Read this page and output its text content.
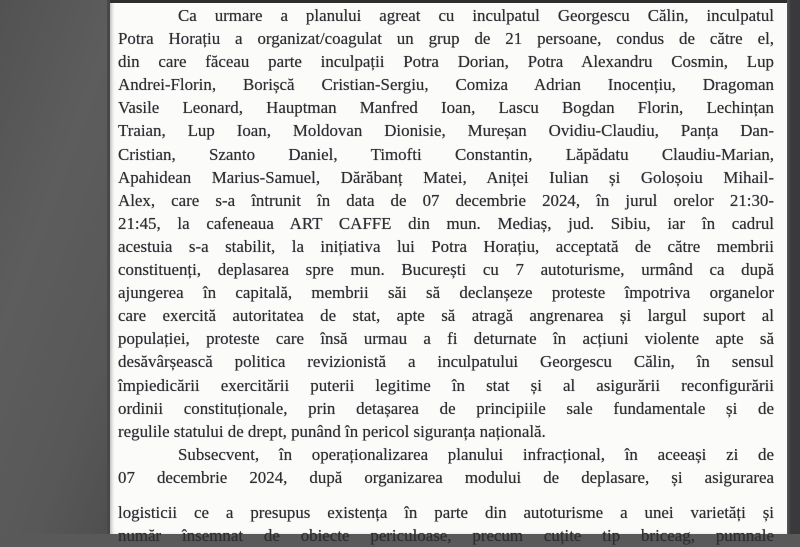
Ca urmare a planului agreat cu inculpatul Georgescu Călin, inculpatul
Potra Horațiu a organizat/coagulat un grup de 21 persoane, condus de către el,
din care făceau parte inculpații Potra Dorian, Potra Alexandru Cosmin, Lup
Andrei-Florin, Borișcă Cristian-Sergiu, Comiza Adrian Inocențiu, Dragoman
Vasile Leonard, Hauptman Manfred Ioan, Lascu Bogdan Florin, Lechințan
Traian, Lup Ioan, Moldovan Dionisie, Mureșan Ovidiu-Claudiu, Panța Dan-
Cristian, Szanto Daniel, Timofti Constantin, Lăpădatu Claudiu-Marian,
Apahidean Marius-Samuel, Dărăbanț Matei, Aniței Iulian și Goloșoiu Mihail-
Alex, care s-a întrunit în data de 07 decembrie 2024, în jurul orelor 21:30-
21:45, la cafeneaua ART CAFFE din mun. Mediaș, jud. Sibiu, iar în cadrul
acestuia s-a stabilit, la inițiativa lui Potra Horațiu, acceptată de către membrii
constituenți, deplasarea spre mun. București cu 7 autoturisme, urmând ca după
ajungerea în capitală, membrii săi să declanșeze proteste împotriva organelor
care exercită autoritatea de stat, apte să atragă angrenarea și largul suport al
populației, proteste care însă urmau a fi deturnate în acțiuni violente apte să
desăvârșească politica revizionistă a inculpatului Georgescu Călin, în sensul
împiedicării exercitării puterii legitime în stat și al asigurării reconfigurării
ordinii constituționale, prin detașarea de principiile sale fundamentale și de
regulile statului de drept, punând în pericol siguranța națională.
Subsecvent, în operaționalizarea planului infracțional, în aceeași zi de
07 decembrie 2024, după organizarea modului de deplasare, și asigurarea
logisticii ce a presupus existența în parte din autoturisme a unei varietăți și
număr însemnat de obiecte periculoase, precum cuțite tip briceag, pumnale
